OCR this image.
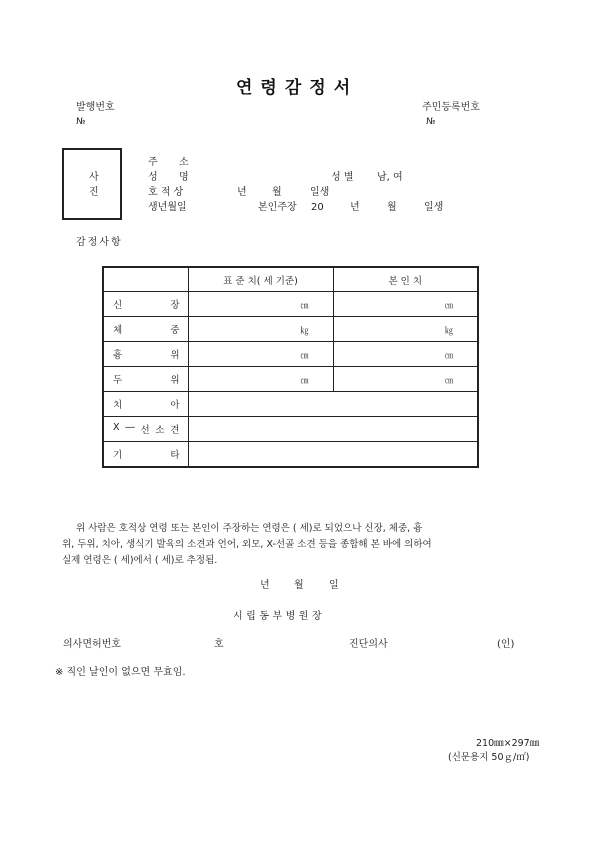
연령감정서
발행번호
№
주민등록번호
№
사
진
주 소
성 명	성 별 남, 여
호 적 상	년	월	일생
생년월일	본인주장 20	년	월	일생
감정사항
	표 준 치( 세 기준)	본 인 치

신 장	㎝	㎝

체 중	㎏	㎏

흉 위	㎝	㎝

두 위	㎝	㎝

치 아		

X ― 선 소 견		

기 타		

위 사람은 호적상 연령 또는 본인이 주장하는 연령은 ( 세)로 되었으나 신장, 체중, 흉
위, 두위, 치아, 생식기 발육의 소견과 언어, 외모, X-선골 소견 등을 종합해 본 바에 의하여
실제 연령은 ( 세)에서 ( 세)로 추정됨.
년 월	일
시립동부병원장
의사면허번호	호	진단의사	(인)
※ 직인 날인이 없으면 무효임.
210㎜×297㎜
(신문용지 50ｇ/㎡)
